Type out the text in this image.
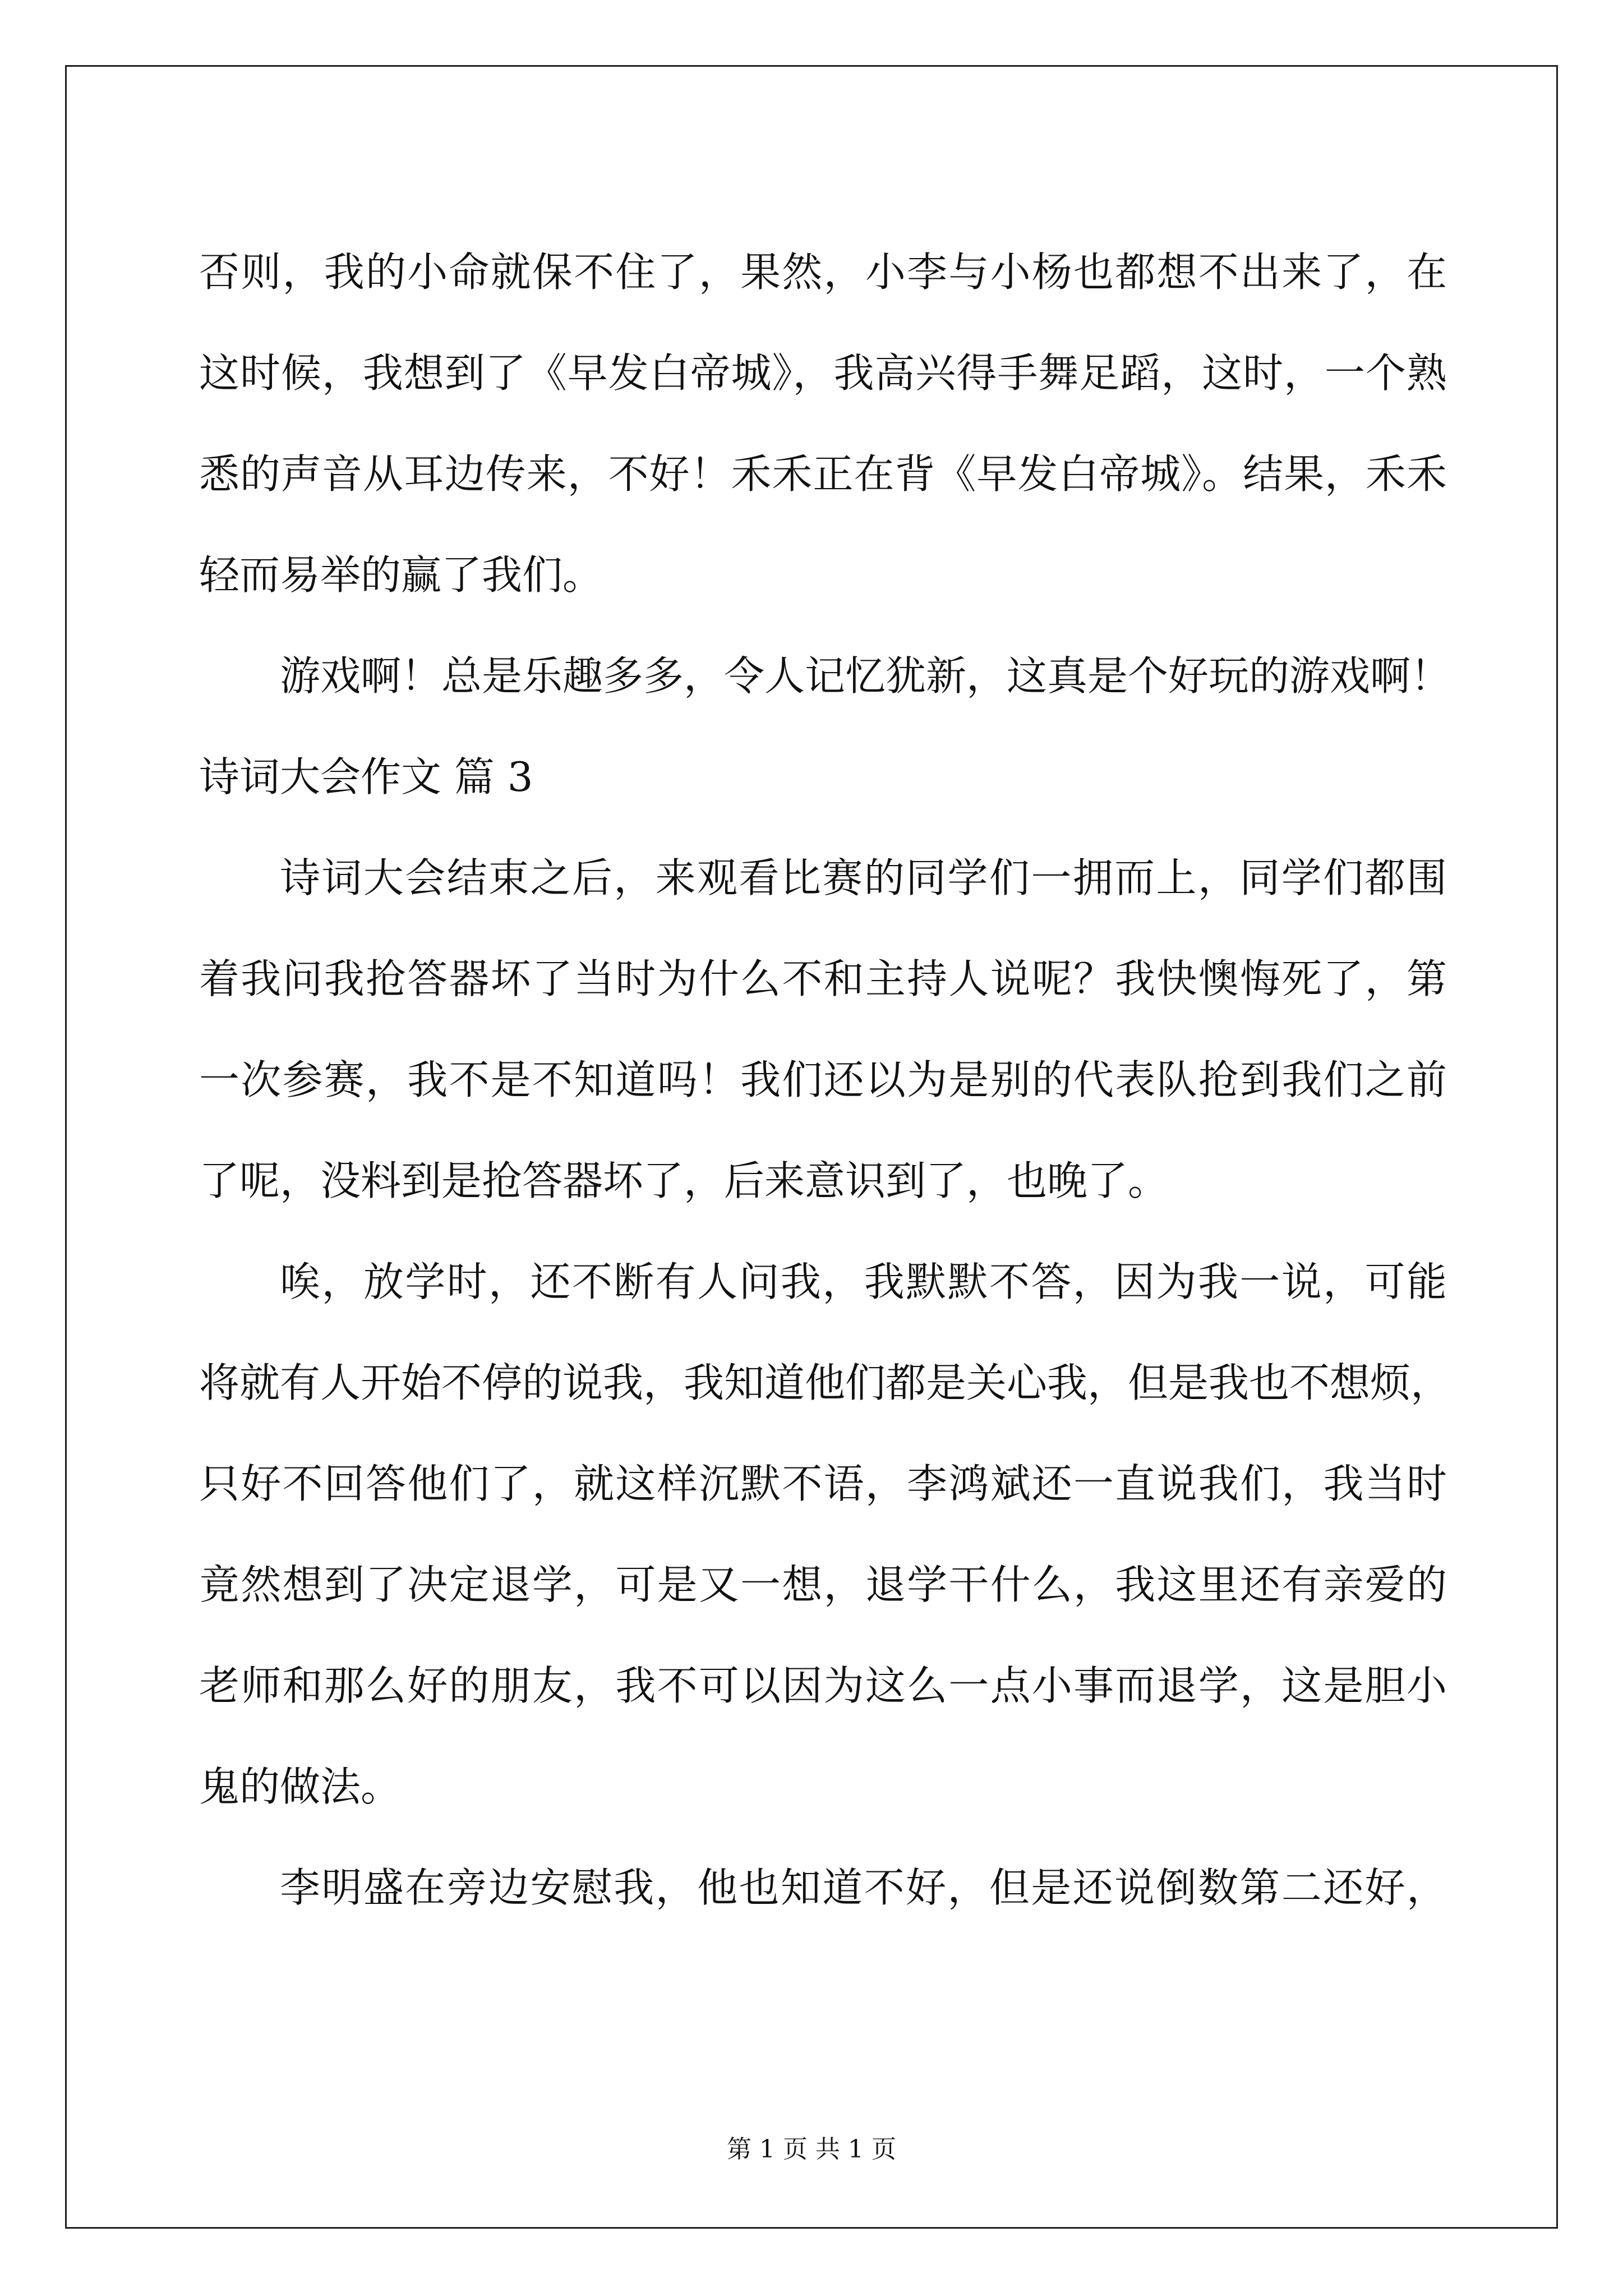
否则，我的小命就保不住了，果然，小李与小杨也都想不出来了，在
这时候，我想到了《早发白帝城》，我高兴得手舞足蹈，这时，一个熟
悉的声音从耳边传来，不好！禾禾正在背《早发白帝城》。结果，禾禾
轻而易举的赢了我们。
游戏啊！总是乐趣多多，令人记忆犹新，这真是个好玩的游戏啊！
诗词大会作文 篇 3
诗词大会结束之后，来观看比赛的同学们一拥而上，同学们都围
着我问我抢答器坏了当时为什么不和主持人说呢？我快懊悔死了，第
一次参赛，我不是不知道吗！我们还以为是别的代表队抢到我们之前
了呢，没料到是抢答器坏了，后来意识到了，也晚了。
唉，放学时，还不断有人问我，我默默不答，因为我一说，可能
将就有人开始不停的说我，我知道他们都是关心我，但是我也不想烦，
只好不回答他们了，就这样沉默不语，李鸿斌还一直说我们，我当时
竟然想到了决定退学，可是又一想，退学干什么，我这里还有亲爱的
老师和那么好的朋友，我不可以因为这么一点小事而退学，这是胆小
鬼的做法。
李明盛在旁边安慰我，他也知道不好，但是还说倒数第二还好，
第 1 页 共 1 页
